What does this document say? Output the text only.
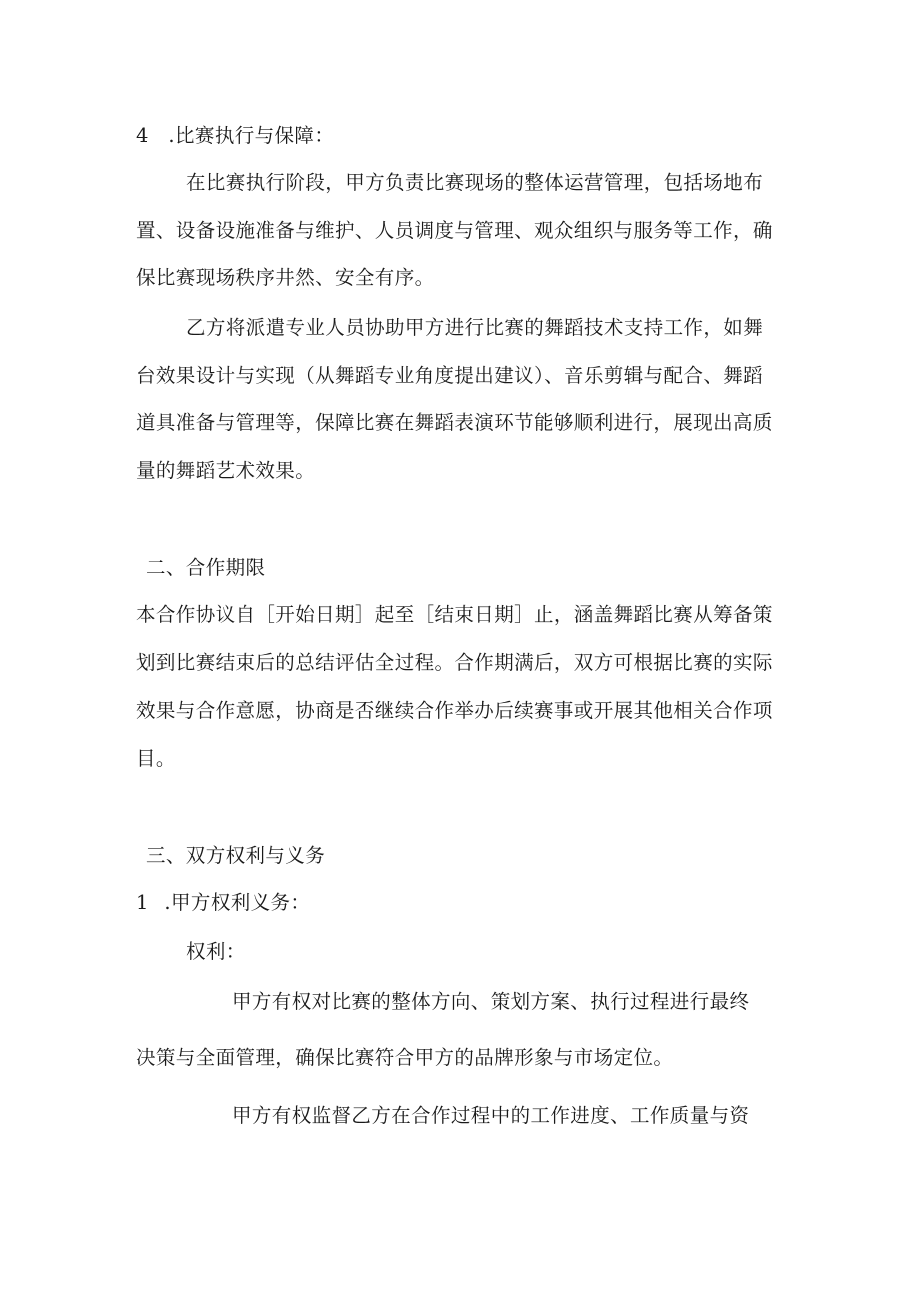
4 .比赛执行与保障：
在比赛执行阶段，甲方负责比赛现场的整体运营管理，包括场地布
置、设备设施准备与维护、人员调度与管理、观众组织与服务等工作，确
保比赛现场秩序井然、安全有序。
乙方将派遣专业人员协助甲方进行比赛的舞蹈技术支持工作，如舞
台效果设计与实现（从舞蹈专业角度提出建议）、音乐剪辑与配合、舞蹈
道具准备与管理等，保障比赛在舞蹈表演环节能够顺利进行，展现出高质
量的舞蹈艺术效果。
二、合作期限
本合作协议自［开始日期］起至［结束日期］止，涵盖舞蹈比赛从筹备策
划到比赛结束后的总结评估全过程。合作期满后，双方可根据比赛的实际
效果与合作意愿，协商是否继续合作举办后续赛事或开展其他相关合作项
目。
三、双方权利与义务
1 .甲方权利义务：
权利：
甲方有权对比赛的整体方向、策划方案、执行过程进行最终
决策与全面管理，确保比赛符合甲方的品牌形象与市场定位。
甲方有权监督乙方在合作过程中的工作进度、工作质量与资
